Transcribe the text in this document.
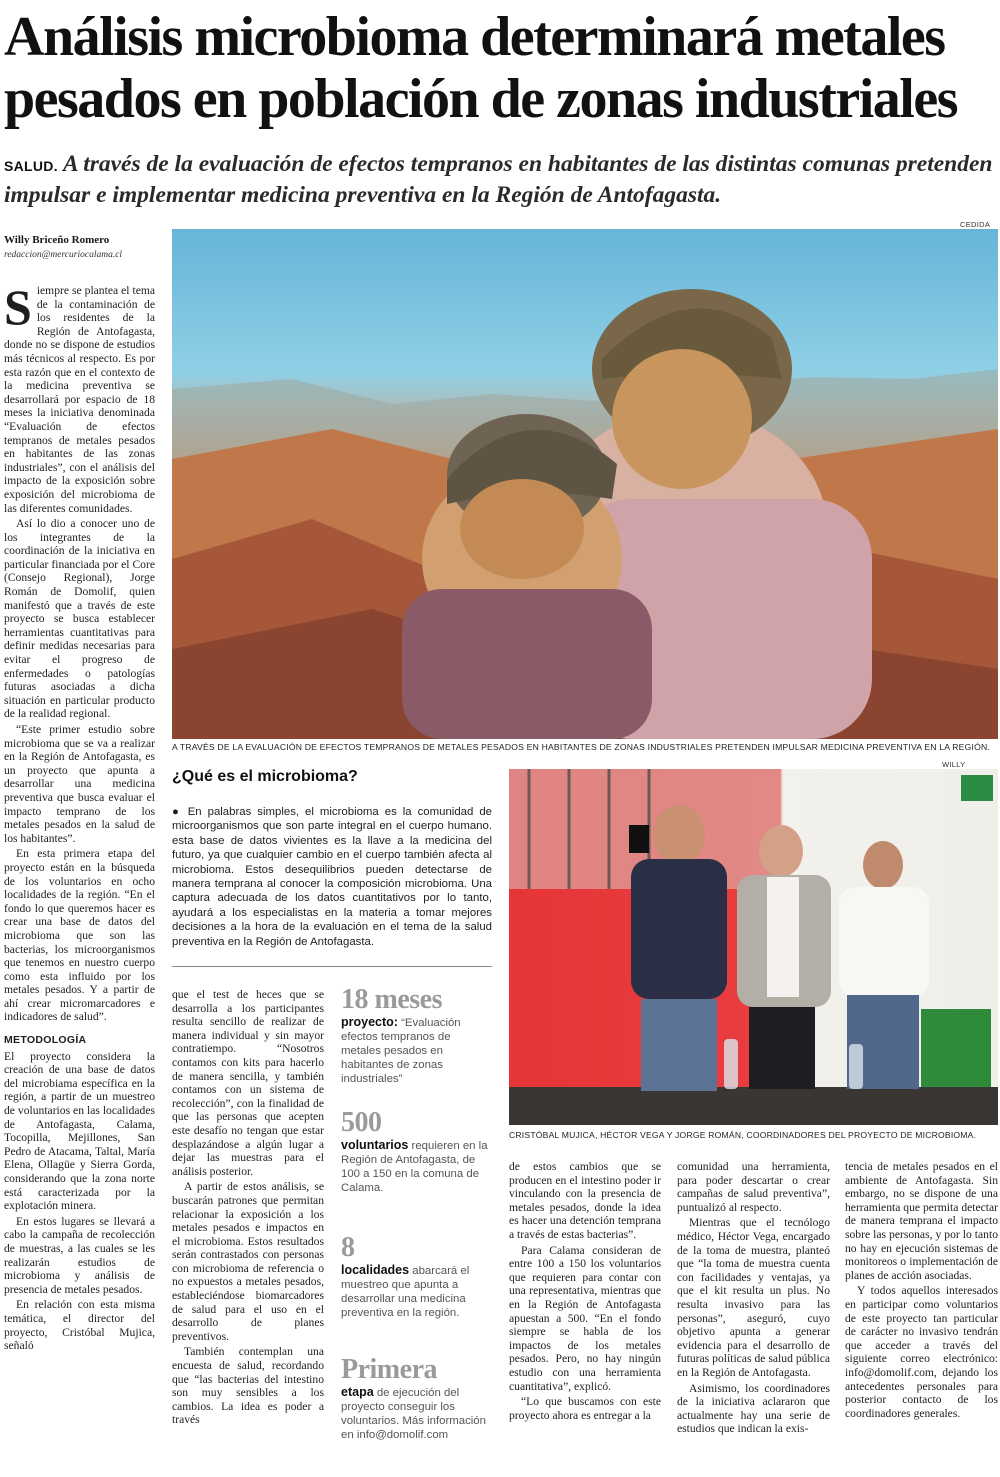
Análisis microbioma determinará metales pesados en población de zonas industriales
SALUD. A través de la evaluación de efectos tempranos en habitantes de las distintas comunas pretenden impulsar e implementar medicina preventiva en la Región de Antofagasta.
Willy Briceño Romero
redaccion@mercuriocalama.cl

Siempre se plantea el tema de la contaminación de los residentes de la Región de Antofagasta, donde no se dispone de estudios más técnicos al respecto. Es por esta razón que en el contexto de la medicina preventiva se desarrollará por espacio de 18 meses la iniciativa denominada “Evaluación de efectos tempranos de metales pesados en habitantes de las zonas industriales”, con el análisis del impacto de la exposición sobre exposición del microbioma de las diferentes comunidades.

Así lo dio a conocer uno de los integrantes de la coordinación de la iniciativa en particular financiada por el Core (Consejo Regional), Jorge Román de Domolif, quien manifestó que a través de este proyecto se busca establecer herramientas cuantitativas para definir medidas necesarias para evitar el progreso de enfermedades o patologías futuras asociadas a dicha situación en particular producto de la realidad regional.

“Este primer estudio sobre microbioma que se va a realizar en la Región de Antofagasta, es un proyecto que apunta a desarrollar una medicina preventiva que busca evaluar el impacto temprano de los metales pesados en la salud de los habitantes”.

En esta primera etapa del proyecto están en la búsqueda de los voluntarios en ocho localidades de la región. “En el fondo lo que queremos hacer es crear una base de datos del microbioma que son las bacterias, los microorganismos que tenemos en nuestro cuerpo como esta influido por los metales pesados. Y a partir de ahí crear micromarcadores e indicadores de salud”.

METODOLOGÍA

El proyecto considera la creación de una base de datos del microbiama específica en la región, a partir de un muestreo de voluntarios en las localidades de Antofagasta, Calama, Tocopilla, Mejillones, San Pedro de Atacama, Taltal, María Elena, Ollagüe y Sierra Gorda, considerando que la zona norte está caracterizada por la explotación minera.

En estos lugares se llevará a cabo la campaña de recolección de muestras, a las cuales se les realizarán estudios de microbioma y análisis de presencia de metales pesados.

En relación con esta misma temática, el director del proyecto, Cristóbal Mujica, señaló

CEDIDA
A TRAVÉS DE LA EVALUACIÓN DE EFECTOS TEMPRANOS DE METALES PESADOS EN HABITANTES DE ZONAS INDUSTRIALES PRETENDEN IMPULSAR MEDICINA PREVENTIVA EN LA REGIÓN.
¿Qué es el microbioma?
● En palabras simples, el microbioma es la comunidad de microorganismos que son parte integral en el cuerpo humano. esta base de datos vivientes es la llave a la medicina del futuro, ya que cualquier cambio en el cuerpo también afecta al microbioma. Estos desequilibrios pueden detectarse de manera temprana al conocer la composición microbioma. Una captura adecuada de los datos cuantitativos por lo tanto, ayudará a los especialistas en la materia a tomar mejores decisiones a la hora de la evaluación en el tema de la salud preventiva en la Región de Antofagasta.

que el test de heces que se desarrolla a los participantes resulta sencillo de realizar de manera individual y sin mayor contratiempo. “Nosotros contamos con kits para hacerlo de manera sencilla, y también contamos con un sistema de recolección”, con la finalidad de que las personas que acepten este desafío no tengan que estar desplazándose a algún lugar a dejar las muestras para el análisis posterior.

A partir de estos análisis, se buscarán patrones que permitan relacionar la exposición a los metales pesados e impactos en el microbioma. Estos resultados serán contrastados con personas con microbioma de referencia o no expuestos a metales pesados, estableciéndose biomarcadores de salud para el uso en el desarrollo de planes preventivos.

También contemplan una encuesta de salud, recordando que “las bacterias del intestino son muy sensibles a los cambios. La idea es poder a través

18 meses
proyecto: “Evaluación efectos tempranos de metales pesados en habitantes de zonas industriales”
500
voluntarios requieren en la Región de Antofagasta, de 100 a 150 en la comuna de Calama.
8
localidades abarcará el muestreo que apunta a desarrollar una medicina preventiva en la región.
Primera
etapa de ejecución del proyecto conseguir los voluntarios. Más información en info@domolif.com
WILLY
CRISTÓBAL MUJICA, HÉCTOR VEGA Y JORGE ROMÁN, COORDINADORES DEL PROYECTO DE MICROBIOMA.

de estos cambios que se producen en el intestino poder ir vinculando con la presencia de metales pesados, donde la idea es hacer una detención temprana a través de estas bacterias”.

Para Calama consideran de entre 100 a 150 los voluntarios que requieren para contar con una representativa, mientras que en la Región de Antofagasta apuestan a 500. “En el fondo siempre se habla de los impactos de los metales pesados. Pero, no hay ningún estudio con una herramienta cuantitativa”, explicó.

“Lo que buscamos con este proyecto ahora es entregar a la

comunidad una herramienta, para poder descartar o crear campañas de salud preventiva”, puntualizó al respecto.

Mientras que el tecnólogo médico, Héctor Vega, encargado de la toma de muestra, planteó que “la toma de muestra cuenta con facilidades y ventajas, ya que el kit resulta un plus. No resulta invasivo para las personas”, aseguró, cuyo objetivo apunta a generar evidencia para el desarrollo de futuras políticas de salud pública en la Región de Antofagasta.

Asimismo, los coordinadores de la iniciativa aclararon que actualmente hay una serie de estudios que indican la exis-

tencia de metales pesados en el ambiente de Antofagasta. Sin embargo, no se dispone de una herramienta que permita detectar de manera temprana el impacto sobre las personas, y por lo tanto no hay en ejecución sistemas de monitoreos o implementación de planes de acción asociadas.

Y todos aquellos interesados en participar como voluntarios de este proyecto tan particular de carácter no invasivo tendrán que acceder a través del siguiente correo electrónico: info@domolif.com, dejando los antecedentes personales para posterior contacto de los coordinadores generales.
